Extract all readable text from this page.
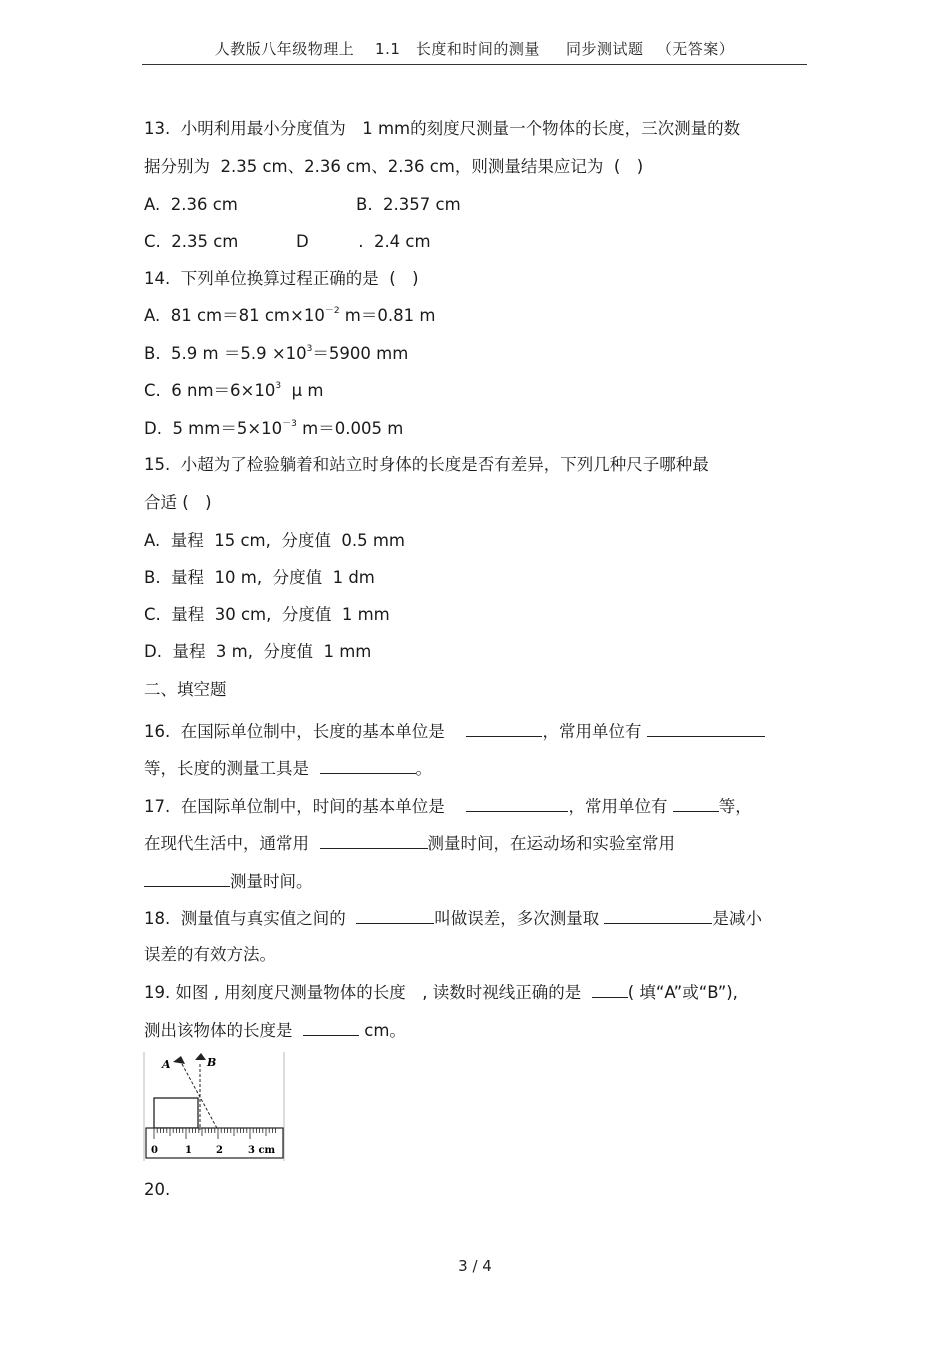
人教版八年级物理上 　1.1　长度和时间的测量 　 同步测试题 　（无答案）
13.  小明利用最小分度值为　1 mm的刻度尺测量一个物体的长度，三次测量的数
据分别为  2.35 cm、2.36 cm、2.36 cm，则测量结果应记为  (　)
A.  2.36 cm	B.  2.357 cm
C.  2.35 cm	D　　　.  2.4 cm
14.  下列单位换算过程正确的是  (　)
A.  81 cm＝81 $cm\times 10^{-2}$ m＝0.81 m
B.  5.9 $m =5.9 \times 10^3=5900$ mm
C.  6 $nm=6\times 10^3$  μ m
D.  5 $mm=5\times 10^{-3}$ m＝0.005 m
15.  小超为了检验躺着和站立时身体的长度是否有差异，下列几种尺子哪种最
合适 (　)
A.  量程  15 cm,  分度值  0.5 mm
B.  量程  10 m,  分度值  1 dm
C.  量程  30 cm,  分度值  1 mm
D.  量程  3 m,  分度值  1 mm
二、填空题
16.  在国际单位制中，长度的基本单位是　	，常用单位有
等，长度的测量工具是	。
17.  在国际单位制中，时间的基本单位是　	，常用单位有	等，
在现代生活中，通常用	测量时间，在运动场和实验室常用
测量时间。
18.  测量值与真实值之间的	叫做误差，多次测量取	是减小
误差的有效方法。
19. 如图 , 用刻度尺测量物体的长度　, 读数时视线正确的是  ( 填“A”或“B”),
测出该物体的长度是	cm。
0	1 2	3 cm
A	B
20.
3 / 4
